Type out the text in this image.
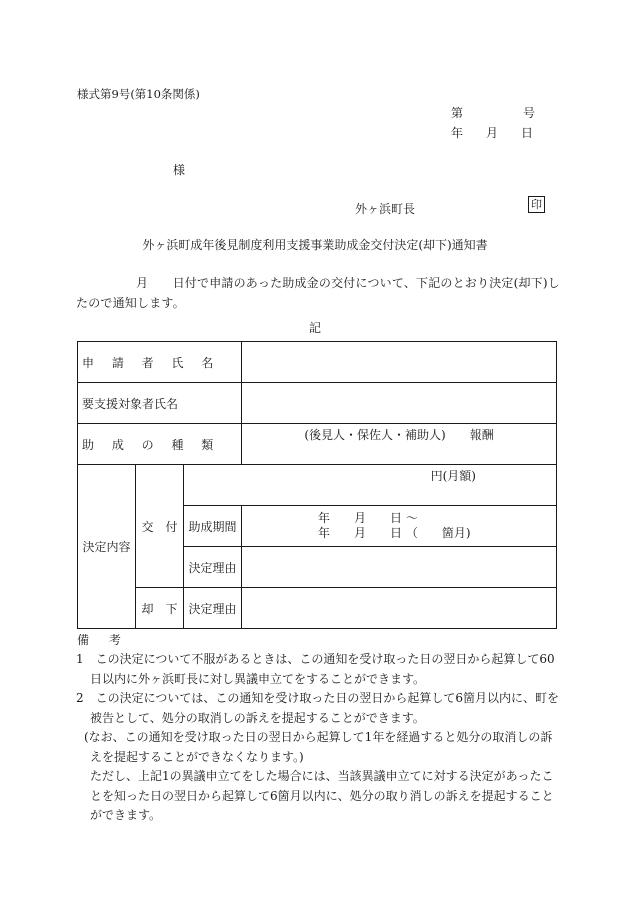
様式第9号(第10条関係)
第	号
年 月 日
様
外ヶ浜町長	印
外ヶ浜町成年後見制度利用支援事業助成金交付決定(却下)通知書
月　　日付で申請のあった助成金の交付について、下記のとおり決定(却下)したので通知します。
記
申 請 者 氏 名			
要支援対象者氏名			
助 成 の 種 類			(後見人・保佐人・補助人)　　報酬
決定内容	交　付	円(月額)	
		助成期間	年　　月　　日 〜
年　　月　　日 （　　箇月)

		決定理由	
	却　下	決定理由	
備 考

1　この決定について不服があるときは、この通知を受け取った日の翌日から起算して60日以内に外ヶ浜町長に対し異議申立てをすることができます。

2　この決定については、この通知を受け取った日の翌日から起算して6箇月以内に、町を被告として、処分の取消しの訴えを提起することができます。

(なお、この通知を受け取った日の翌日から起算して1年を経過すると処分の取消しの訴えを提起することができなくなります。)

ただし、上記1の異議申立てをした場合には、当該異議申立てに対する決定があったことを知った日の翌日から起算して6箇月以内に、処分の取り消しの訴えを提起することができます。
